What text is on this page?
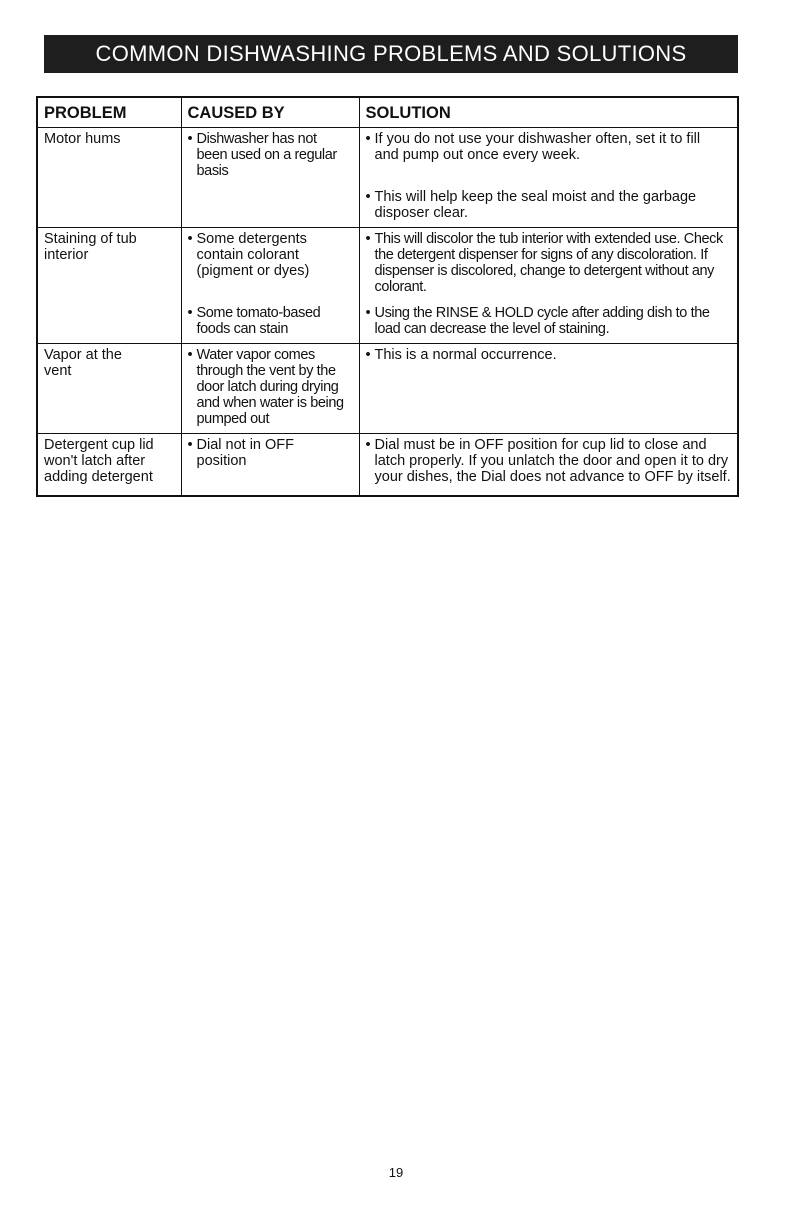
COMMON DISHWASHING PROBLEMS AND SOLUTIONS
PROBLEM	CAUSED BY	SOLUTION

Motor hums	• Dishwasher has not been used on a regular basis	• If you do not use your dishwasher often, set it to fill and pump out once every week.

		• This will help keep the seal moist and the garbage disposer clear.

Staining of tub interior	• Some detergents contain colorant (pigment or dyes)	• This will discolor the tub interior with extended use. Check the detergent dispenser for signs of any discoloration. If dispenser is discolored, change to detergent without any colorant.

	• Some tomato-based foods can stain	• Using the RINSE & HOLD cycle after adding dish to the load can decrease the level of staining.

Vapor at the vent	• Water vapor comes through the vent by the door latch during drying and when water is being pumped out	• This is a normal occurrence.

Detergent cup lid won't latch after adding detergent	• Dial not in OFF position	• Dial must be in OFF position for cup lid to close and latch properly. If you unlatch the door and open it to dry your dishes, the Dial does not advance to OFF by itself.
19
